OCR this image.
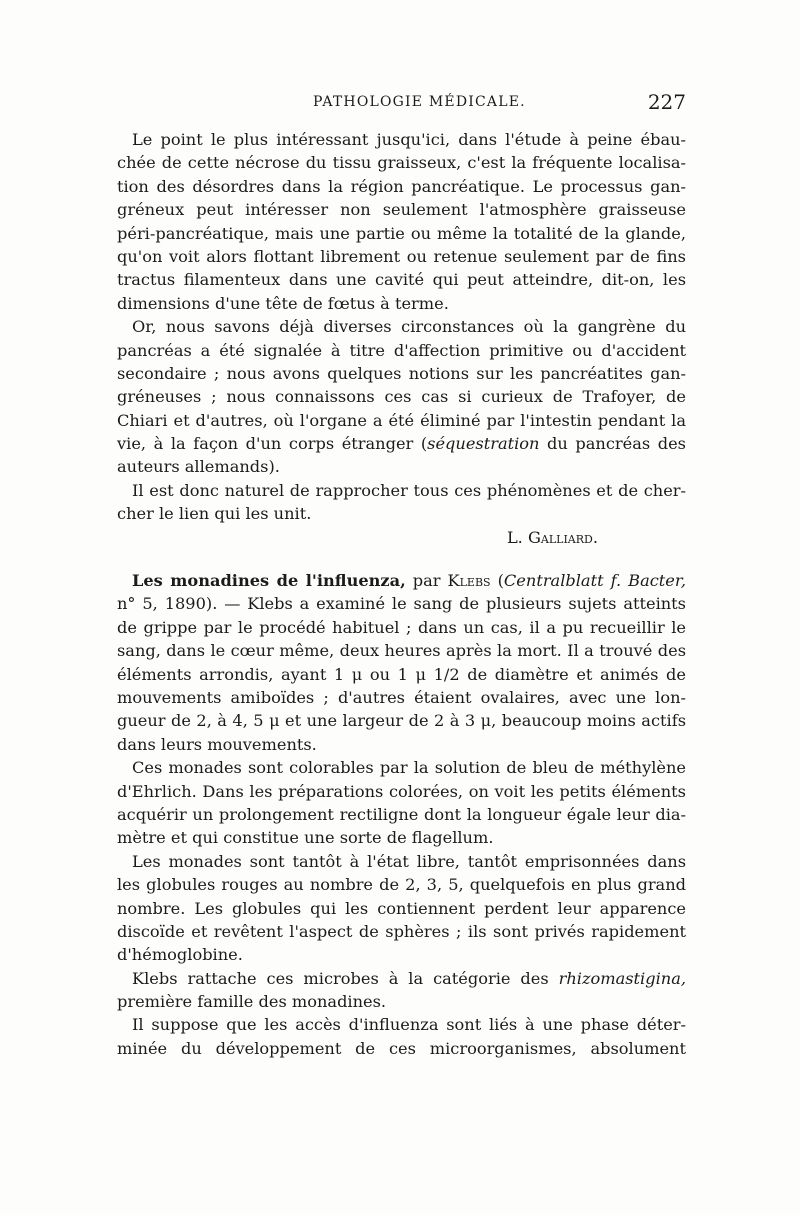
PATHOLOGIE MÉDICALE.	227
Le point le plus intéressant jusqu'ici, dans l'étude à peine ébau-
chée de cette nécrose du tissu graisseux, c'est la fréquente localisa-
tion des désordres dans la région pancréatique. Le processus gan-
gréneux peut intéresser non seulement l'atmosphère graisseuse
péri-pancréatique, mais une partie ou même la totalité de la glande,
qu'on voit alors flottant librement ou retenue seulement par de fins
tractus filamenteux dans une cavité qui peut atteindre, dit-on, les
dimensions d'une tête de fœtus à terme.
Or, nous savons déjà diverses circonstances où la gangrène du
pancréas a été signalée à titre d'affection primitive ou d'accident
secondaire ; nous avons quelques notions sur les pancréatites gan-
gréneuses ; nous connaissons ces cas si curieux de Trafoyer, de
Chiari et d'autres, où l'organe a été éliminé par l'intestin pendant la
vie, à la façon d'un corps étranger (séquestration du pancréas des
auteurs allemands).
Il est donc naturel de rapprocher tous ces phénomènes et de cher-
cher le lien qui les unit.
L. Galliard.
Les monadines de l'influenza, par Klebs (Centralblatt f. Bacter,
n° 5, 1890). — Klebs a examiné le sang de plusieurs sujets atteints
de grippe par le procédé habituel ; dans un cas, il a pu recueillir le
sang, dans le cœur même, deux heures après la mort. Il a trouvé des
éléments arrondis, ayant 1 μ ou 1 μ 1/2 de diamètre et animés de
mouvements amiboïdes ; d'autres étaient ovalaires, avec une lon-
gueur de 2, à 4, 5 μ et une largeur de 2 à 3 μ, beaucoup moins actifs
dans leurs mouvements.
Ces monades sont colorables par la solution de bleu de méthylène
d'Ehrlich. Dans les préparations colorées, on voit les petits éléments
acquérir un prolongement rectiligne dont la longueur égale leur dia-
mètre et qui constitue une sorte de flagellum.
Les monades sont tantôt à l'état libre, tantôt emprisonnées dans
les globules rouges au nombre de 2, 3, 5, quelquefois en plus grand
nombre. Les globules qui les contiennent perdent leur apparence
discoïde et revêtent l'aspect de sphères ; ils sont privés rapidement
d'hémoglobine.
Klebs rattache ces microbes à la catégorie des rhizomastigina,
première famille des monadines.
Il suppose que les accès d'influenza sont liés à une phase déter-
minée du développement de ces microorganismes, absolument
